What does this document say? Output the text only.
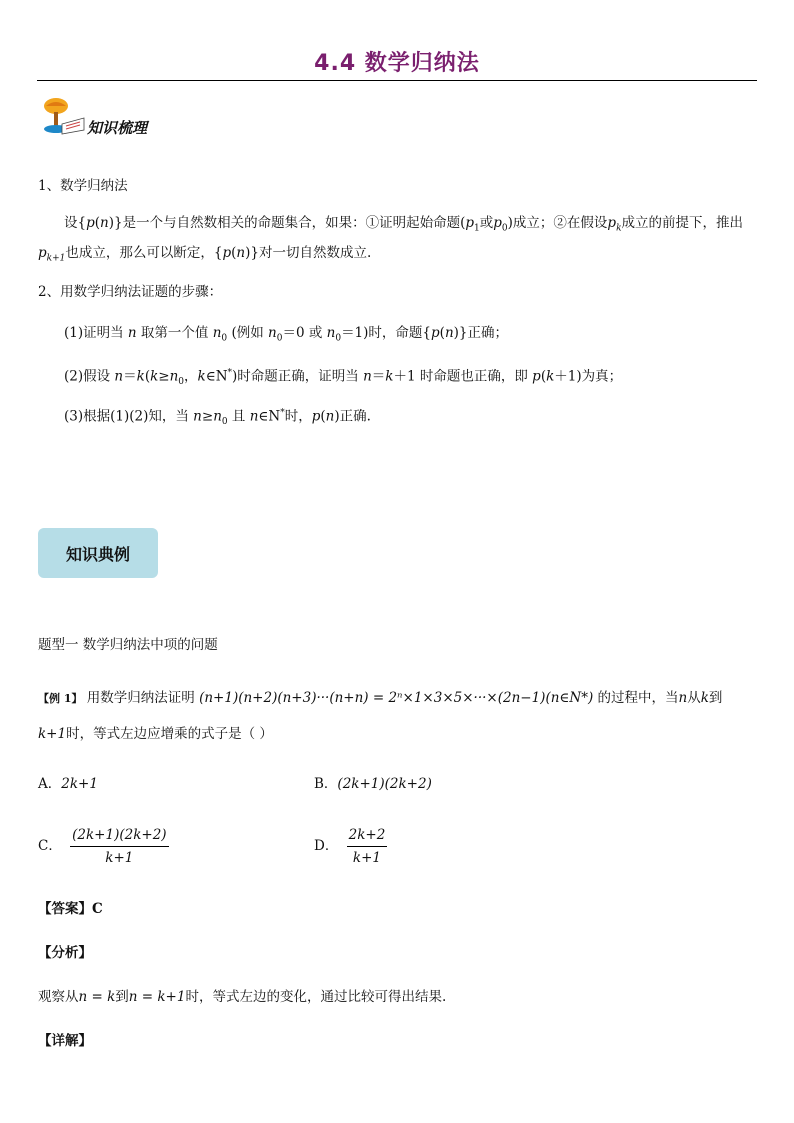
4.4 数学归纳法
知识梳理
1、数学归纳法
设{p(n)}是一个与自然数相关的命题集合，如果：①证明起始命题($p_1$或$p_0$)成立；②在假设$p_k$成立的前提下，推出
$p_{k+1}$也成立，那么可以断定，{p(n)}对一切自然数成立.
2、用数学归纳法证题的步骤：
(1)证明当 n 取第一个值 $n_0$ (例如 $n_0=0$ 或 $n_0=1$)时，命题{p(n)}正确；
(2)假设 $n=k(k\ge n_0$，k∈N*)时命题正确，证明当 n＝k＋1 时命题也正确，即 p(k＋1)为真；
(3)根据(1)(2)知，当 $n\ge n_0$ 且 n∈N*时，p(n)正确.
知识典例
题型一 数学归纳法中项的问题
【例 1】 用数学归纳法证明 (n+1)(n+2)(n+3)···(n+n) = 2ⁿ×1×3×5×···×(2n−1)(n∈N*) 的过程中，当n从k到
k+1时，等式左边应增乘的式子是（ ）
A．2k+1	B．(2k+1)(2k+2)
C． $\frac{(2k+1)(2k+2)}{k+1}$	D． $\frac{2k+2}{k+1}$
【答案】C
【分析】
观察从n = k到n = k+1时，等式左边的变化，通过比较可得出结果.
【详解】
